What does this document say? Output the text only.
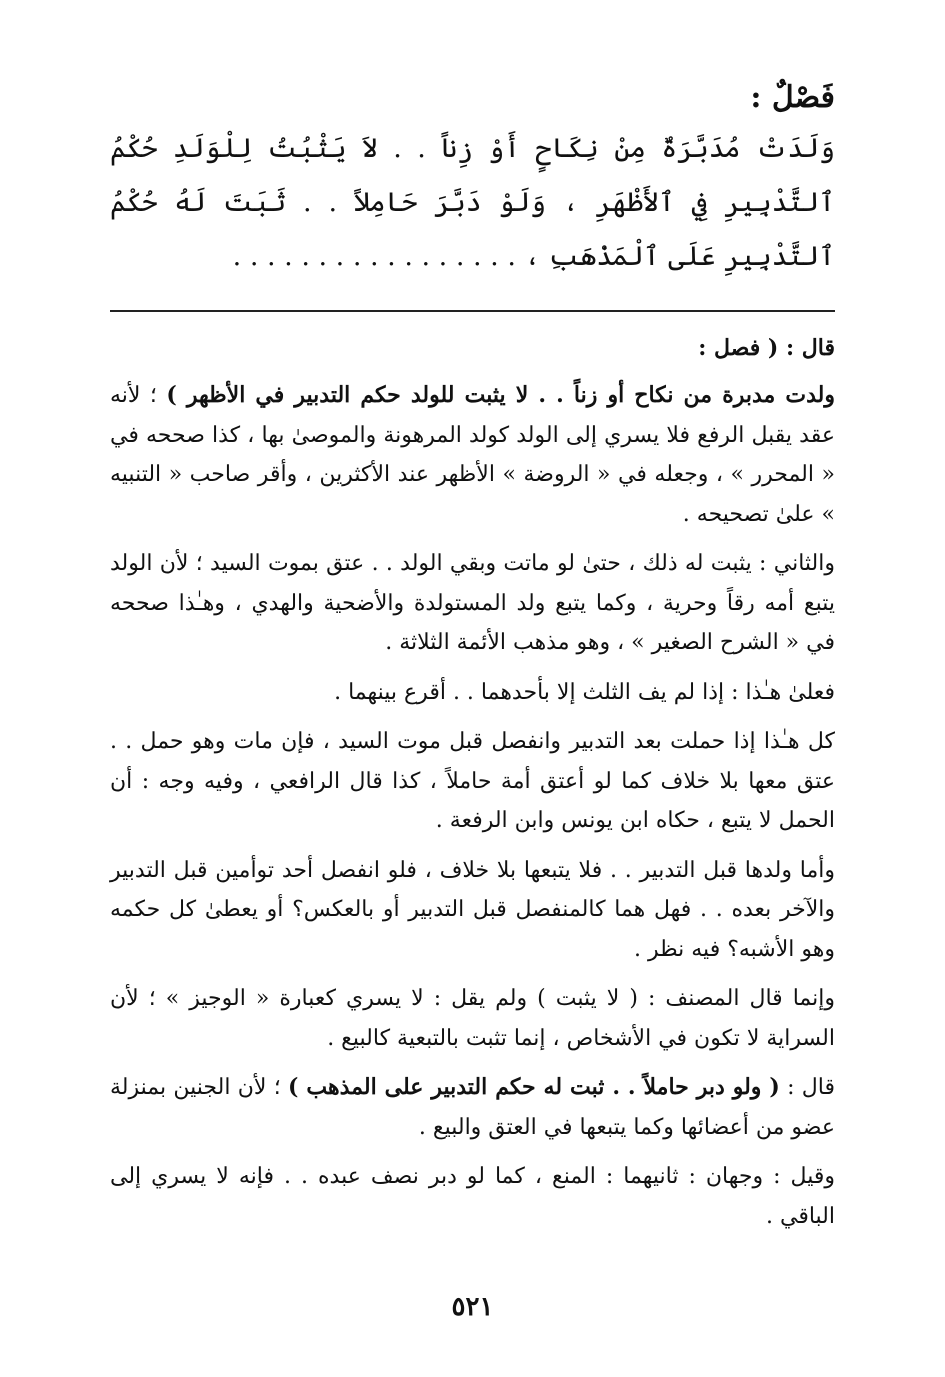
فَصْلٌ :
وَلَدَتْ مُدَبَّرَةٌ مِنْ نِكَاحٍ أَوْ زِناً . . لاَ يَثْبُتُ لِلْوَلَدِ حُكْمُ ٱلتَّدْبِيرِ فِي ٱلأَظْهَرِ ، وَلَوْ دَبَّرَ حَامِلاً . . ثَبَتَ لَهُ حُكْمُ ٱلتَّدْبِيرِ عَلَى ٱلْمَذْهَبِ ، . . . . . . . . . . . . . . . . .
قال : ( فصل :

ولدت مدبرة من نكاح أو زناً . . لا يثبت للولد حكم التدبير في الأظهر ) ؛ لأنه عقد يقبل الرفع فلا يسري إلى الولد كولد المرهونة والموصىٰ بها ، كذا صححه في « المحرر » ، وجعله في « الروضة » الأظهر عند الأكثرين ، وأقر صاحب « التنبيه » علىٰ تصحيحه .

والثاني : يثبت له ذلك ، حتىٰ لو ماتت وبقي الولد . . عتق بموت السيد ؛ لأن الولد يتبع أمه رقاً وحرية ، وكما يتبع ولد المستولدة والأضحية والهدي ، وهـٰذا صححه في « الشرح الصغير » ، وهو مذهب الأئمة الثلاثة .

فعلىٰ هـٰذا : إذا لم يف الثلث إلا بأحدهما . . أقرع بينهما .

كل هـٰذا إذا حملت بعد التدبير وانفصل قبل موت السيد ، فإن مات وهو حمل . . عتق معها بلا خلاف كما لو أعتق أمة حاملاً ، كذا قال الرافعي ، وفيه وجه : أن الحمل لا يتبع ، حكاه ابن يونس وابن الرفعة .

وأما ولدها قبل التدبير . . فلا يتبعها بلا خلاف ، فلو انفصل أحد توأمين قبل التدبير والآخر بعده . . فهل هما كالمنفصل قبل التدبير أو بالعكس؟ أو يعطىٰ كل حكمه وهو الأشبه؟ فيه نظر .

وإنما قال المصنف : ( لا يثبت ) ولم يقل : لا يسري كعبارة « الوجيز » ؛ لأن السراية لا تكون في الأشخاص ، إنما تثبت بالتبعية كالبيع .

قال : ( ولو دبر حاملاً . . ثبت له حكم التدبير على المذهب ) ؛ لأن الجنين بمنزلة عضو من أعضائها وكما يتبعها في العتق والبيع .

وقيل : وجهان : ثانيهما : المنع ، كما لو دبر نصف عبده . . فإنه لا يسري إلى الباقي .

٥٢١
